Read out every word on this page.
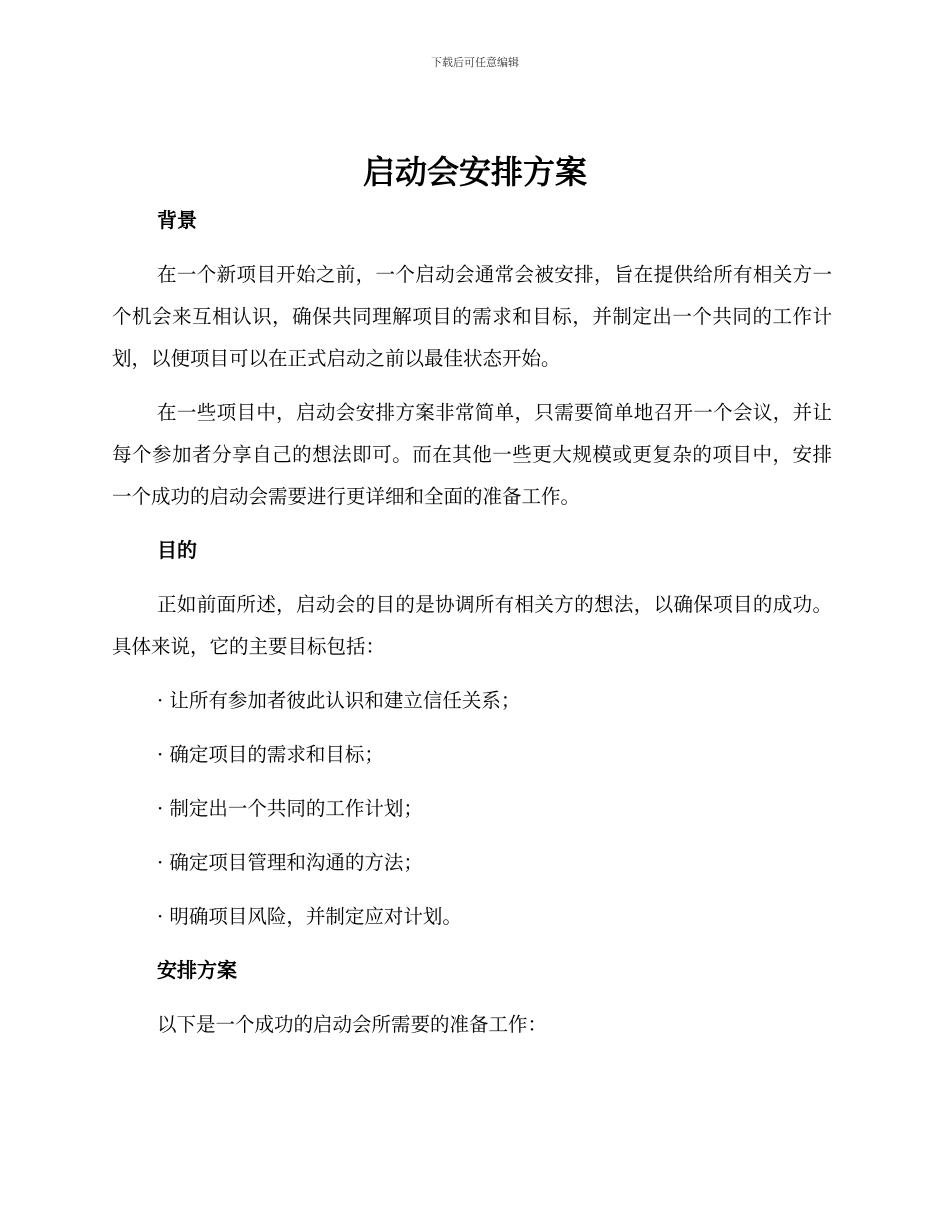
下载后可任意编辑
启动会安排方案
背景

在一个新项目开始之前，一个启动会通常会被安排，旨在提供给所有相关方一个机会来互相认识，确保共同理解项目的需求和目标，并制定出一个共同的工作计划，以便项目可以在正式启动之前以最佳状态开始。

在一些项目中，启动会安排方案非常简单，只需要简单地召开一个会议，并让每个参加者分享自己的想法即可。而在其他一些更大规模或更复杂的项目中，安排一个成功的启动会需要进行更详细和全面的准备工作。

目的

正如前面所述，启动会的目的是协调所有相关方的想法，以确保项目的成功。具体来说，它的主要目标包括：

· 让所有参加者彼此认识和建立信任关系；

· 确定项目的需求和目标；

· 制定出一个共同的工作计划；

· 确定项目管理和沟通的方法；

· 明确项目风险，并制定应对计划。

安排方案

以下是一个成功的启动会所需要的准备工作：
